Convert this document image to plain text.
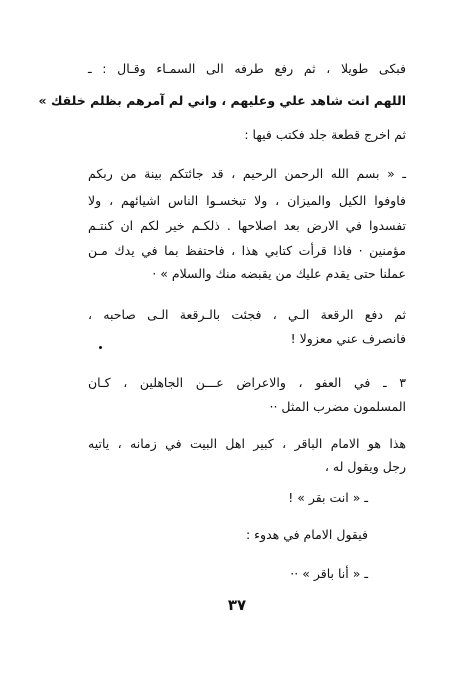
فبكى طويلا ، ثم رفع طرفه الى السمـاء وقـال : ـ
اللهم انت شاهد علي وعليهم ، واني لم آمرهم بظلم خلقك »
ثم اخرج قطعة جلد فكتب فيها :
ـ « بسم الله الرحمن الرحيم ، قد جائتكم بينة من ربكم
فاوفوا الكيل والميزان ، ولا تبخسـوا الناس اشيائهم ، ولا
تفسدوا في الارض بعد اصلاحها . ذلكـم خير لكم ان كنتـم
مؤمنين · فاذا قرأت كتابي هذا ، فاحتفظ بما في يدك مـن
عملنا حتى يقدم عليك من يقبضه منك والسلام » ·
ثم دفع الرقعة الـي ، فجئت بالـرقعة الـى صاحبه ،
فانصرف عني معزولا !
٣ ـ في العفو ، والاعراض عـــن الجاهلين ، كـان
المسلمون مضرب المثل ··
هذا هو الامام الباقر ، كبير اهل البيت في زمانه ، ياتيه
رجل ويقول له ،
ـ « انت بقر » !
فيقول الامام في هدوء :
ـ « أنا باقر » ··
٣٧
